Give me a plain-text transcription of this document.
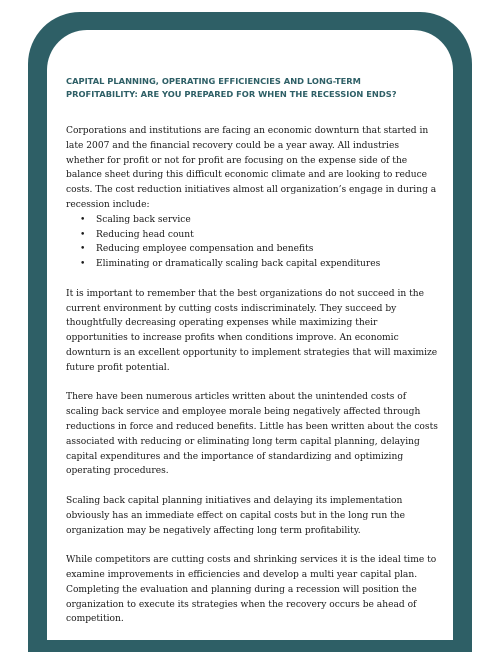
CAPITAL PLANNING, OPERATING EFFICIENCIES AND LONG-TERM
PROFITABILITY: ARE YOU PREPARED FOR WHEN THE RECESSION ENDS?

Corporations and institutions are facing an economic downturn that started in late 2007 and the financial recovery could be a year away. All industries whether for profit or not for profit are focusing on the expense side of the balance sheet during this difficult economic climate and are looking to reduce costs. The cost reduction initiatives almost all organization’s engage in during a recession include:

• Scaling back service
• Reducing head count
• Reducing employee compensation and benefits
• Eliminating or dramatically scaling back capital expenditures

It is important to remember that the best organizations do not succeed in the current environment by cutting costs indiscriminately. They succeed by thoughtfully decreasing operating expenses while maximizing their opportunities to increase profits when conditions improve. An economic downturn is an excellent opportunity to implement strategies that will maximize future profit potential.

There have been numerous articles written about the unintended costs of scaling back service and employee morale being negatively affected through reductions in force and reduced benefits. Little has been written about the costs associated with reducing or eliminating long term capital planning, delaying capital expenditures and the importance of standardizing and optimizing operating procedures.

Scaling back capital planning initiatives and delaying its implementation obviously has an immediate effect on capital costs but in the long run the organization may be negatively affecting long term profitability.

While competitors are cutting costs and shrinking services it is the ideal time to examine improvements in efficiencies and develop a multi year capital plan. Completing the evaluation and planning during a recession will position the organization to execute its strategies when the recovery occurs be ahead of competition.
